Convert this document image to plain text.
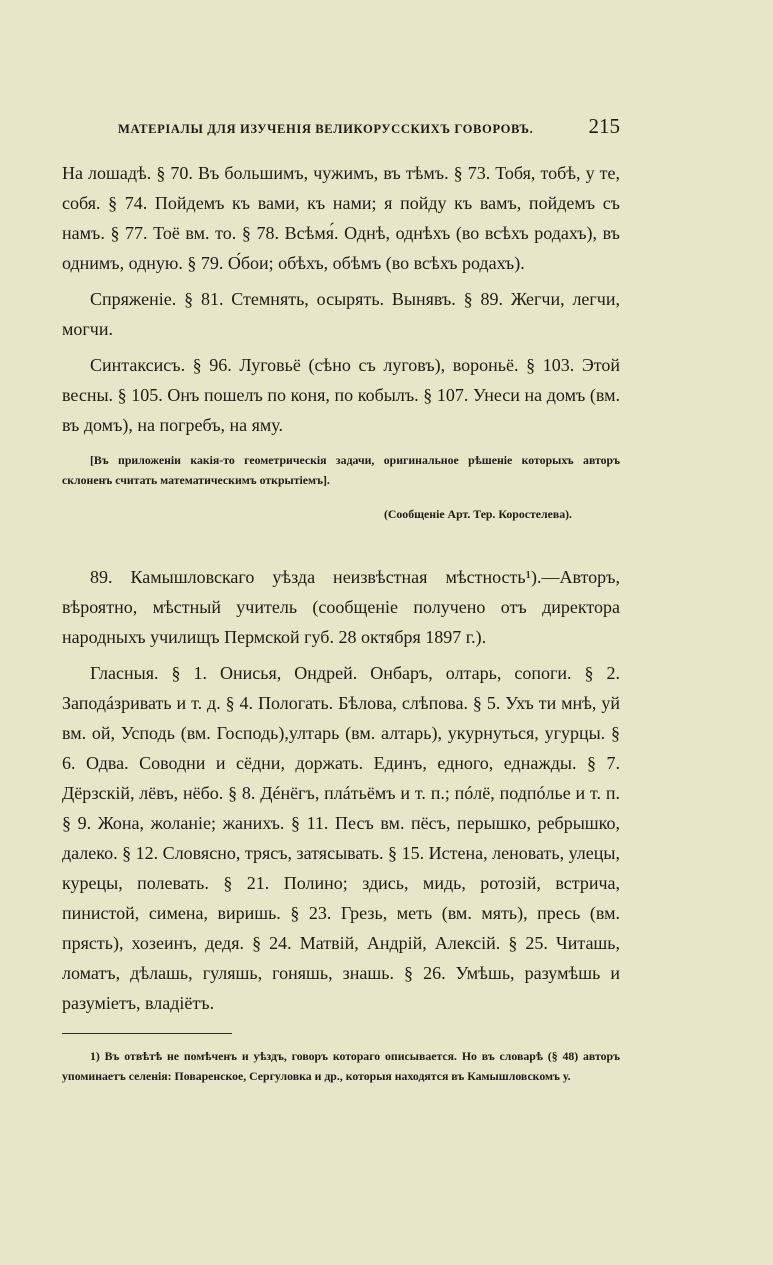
МАТЕРІАЛЫ ДЛЯ ИЗУЧЕНІЯ ВЕЛИКОРУССКИХЪ ГОВОРОВЪ.	215

На лошадѣ. § 70. Въ большимъ, чужимъ, въ тѣмъ. § 73. Тобя, тобѣ, у те, собя. § 74. Пойдемъ къ вами, къ нами; я пойду къ вамъ, пойдемъ съ намъ. § 77. Тоё вм. то. § 78. Всѣмя́. Однѣ, однѣхъ (во всѣхъ родахъ), въ однимъ, одную. § 79. О́бои; обѣхъ, обѣмъ (во всѣхъ родахъ).

Спряженіе. § 81. Стемнять, осырять. Вынявъ. § 89. Жегчи, легчи, могчи.

Синтаксисъ. § 96. Луговьё (сѣно съ луговъ), вороньё. § 103. Этой весны. § 105. Онъ пошелъ по коня, по кобылъ. § 107. Унеси на домъ (вм. въ домъ), на погребъ, на яму.

[Въ приложеніи какія-то геометрическія задачи, оригинальное рѣшеніе которыхъ авторъ склоненъ считать математическимъ открытіемъ].
(Сообщеніе Арт. Тер. Коростелева).

89. Камышловскаго уѣзда неизвѣстная мѣстность¹).—Авторъ, вѣроятно, мѣстный учитель (сообщеніе получено отъ директора народныхъ училищъ Пермской губ. 28 октября 1897 г.).

Гласныя. § 1. Онисья, Ондрей. Онбаръ, олтарь, сопоги. § 2. Заподáзривать и т. д. § 4. Пологать. Бѣлова, слѣпова. § 5. Ухъ ти мнѣ, уй вм. ой, Усподь (вм. Господь),ултарь (вм. алтарь), укурнуться, угурцы. § 6. Одва. Соводни и сёдни, доржать. Единъ, едного, еднажды. § 7. Дёрзскій, лёвъ, нёбо. § 8. Дéнёгъ, плáтьёмъ и т. п.; пóлё, подпóлье и т. п. § 9. Жона, жоланіе; жанихъ. § 11. Песъ вм. пёсъ, перышко, ребрышко, далеко. § 12. Словясно, трясъ, затясывать. § 15. Истена, леновать, улецы, курецы, полевать. § 21. Полино; здись, мидь, ротозій, встрича, пинистой, симена, виришь. § 23. Грезь, меть (вм. мять), пресь (вм. прясть), хозеинъ, дедя. § 24. Матвій, Андрій, Алексій. § 25. Читашь, ломатъ, дѣлашь, гуляшь, гоняшь, знашь. § 26. Умѣшь, разумѣшь и разуміетъ, владіётъ.

1) Въ отвѣтѣ не помѣченъ и уѣздъ, говоръ котораго описывается. Но въ словарѣ (§ 48) авторъ упоминаетъ селенія: Поваренское, Сергуловка и др., которыя находятся въ Камышловскомъ у.
